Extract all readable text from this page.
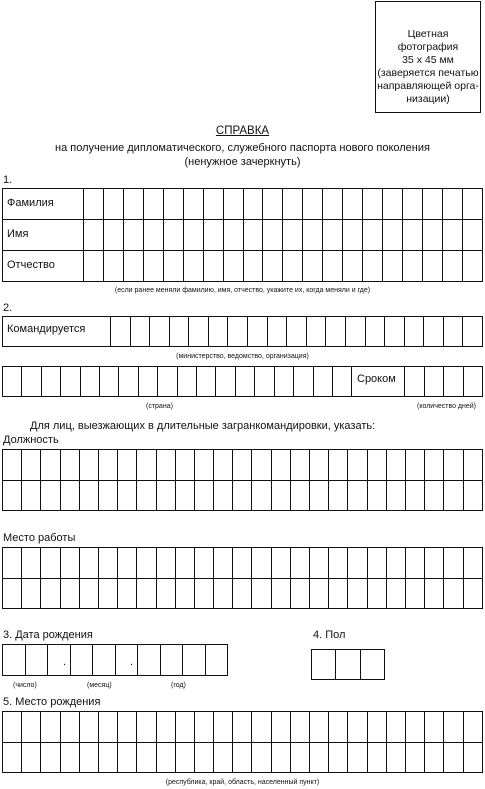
Цветная фотография
35 х 45 мм
(заверяется печатью
направляющей орга-
низации)
СПРАВКА
на получение дипломатического, служебного паспорта нового поколения
(ненужное зачеркнуть)
1.

Фамилия
Имя
Отчество
(если ранее меняли фамилию, имя, отчество, укажите их, когда меняли и где)
2.

Командируется
(министерство, ведомство, организация)

Сроком
(страна)	(количество дней)
Для лиц, выезжающих в длительные загранкомандировки, указать:
Должность

Место работы

3. Дата рождения

.	.
(число)	(месяц)	(год)
4. Пол

5. Место рождения

(республика, край, область, населенный пункт)
